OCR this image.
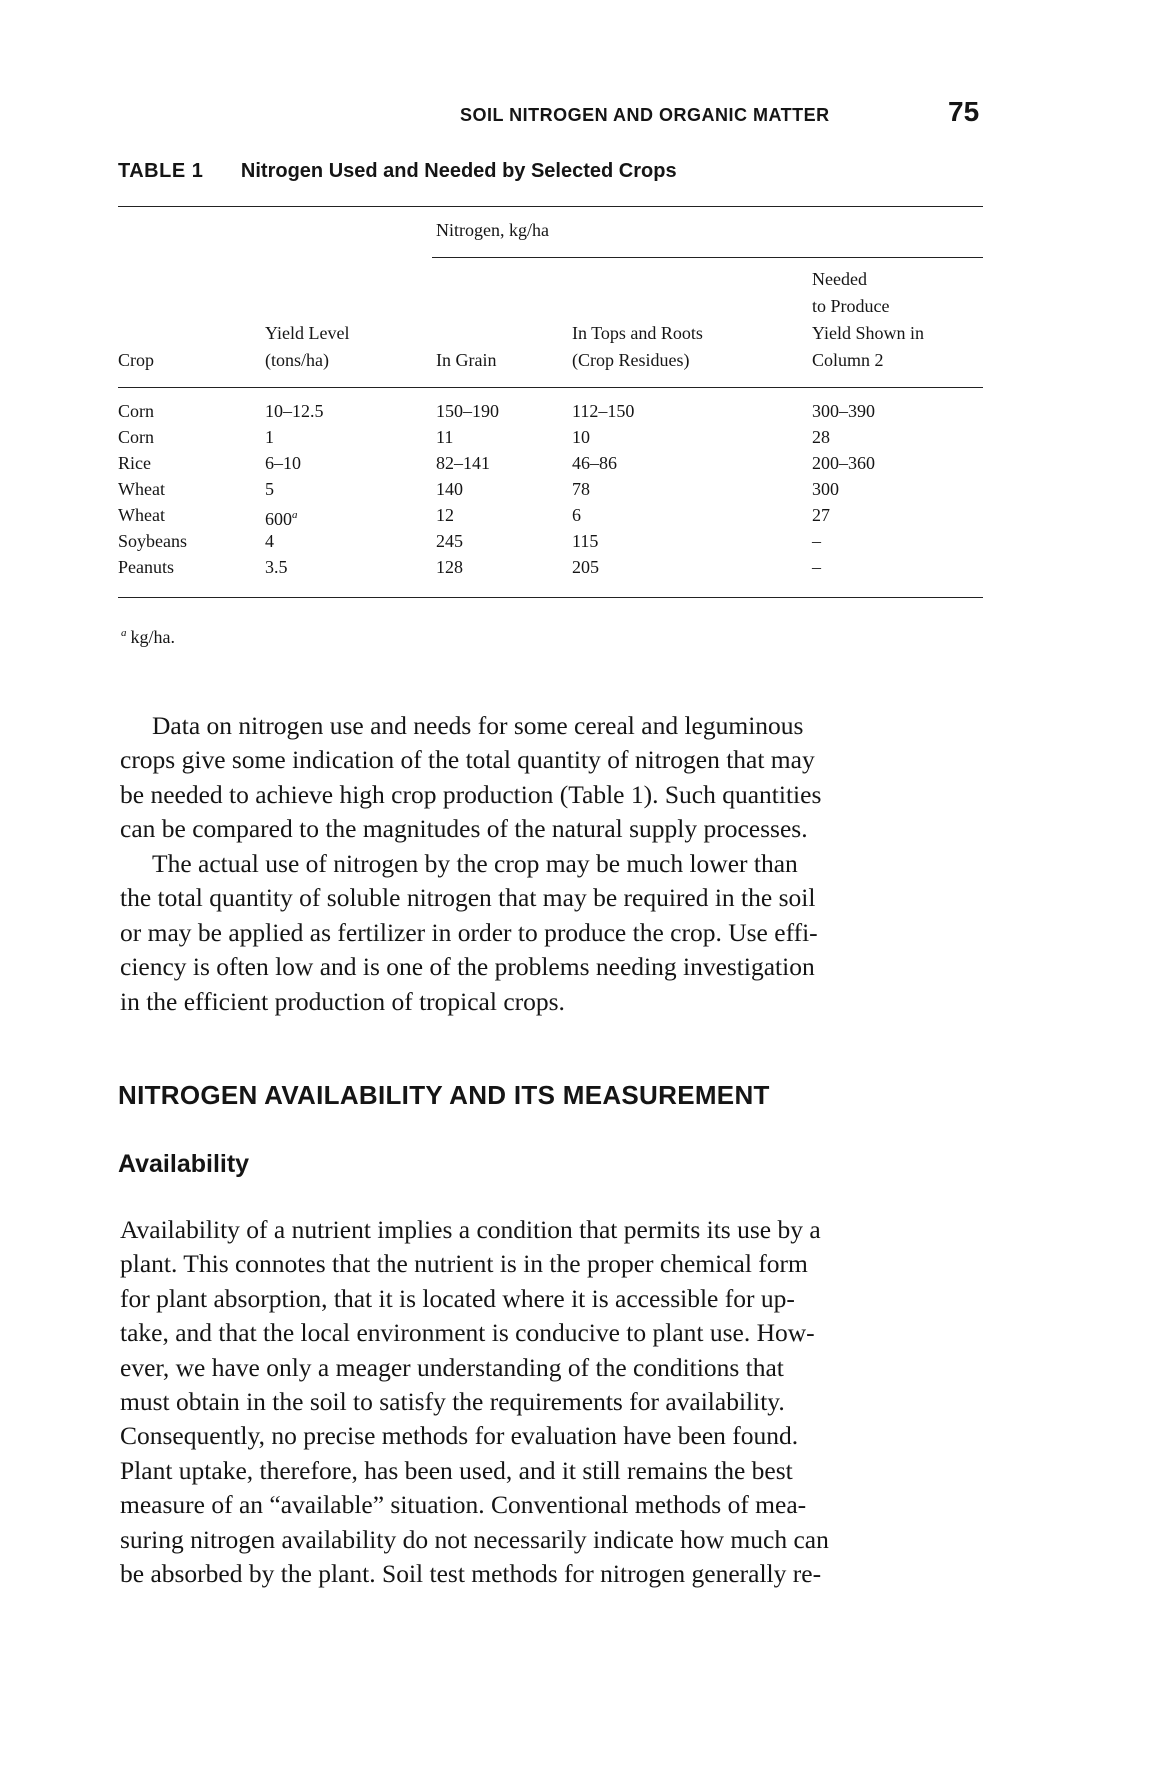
SOIL NITROGEN AND ORGANIC MATTER	75
TABLE 1 Nitrogen Used and Needed by Selected Crops
Nitrogen, kg/ha
Crop
Yield Level
(tons/ha)	In Grain
In Tops and Roots
(Crop Residues)
Needed
to Produce
Yield Shown in
Column 2
Corn
Corn
Rice
Wheat
Wheat
Soybeans
Peanuts
10–12.5
1
6–10
5
600$^a$
4
3.5
150–190
11
82–141
140
12
245
128
112–150
10
46–86
78
6
115
205
300–390
28
200–360
300
27
–
–
$^a$ kg/ha.
Data on nitrogen use and needs for some cereal and leguminous
crops give some indication of the total quantity of nitrogen that may
be needed to achieve high crop production (Table 1). Such quantities
can be compared to the magnitudes of the natural supply processes.
The actual use of nitrogen by the crop may be much lower than
the total quantity of soluble nitrogen that may be required in the soil
or may be applied as fertilizer in order to produce the crop. Use effi-
ciency is often low and is one of the problems needing investigation
in the efficient production of tropical crops.
NITROGEN AVAILABILITY AND ITS MEASUREMENT
Availability
Availability of a nutrient implies a condition that permits its use by a
plant. This connotes that the nutrient is in the proper chemical form
for plant absorption, that it is located where it is accessible for up-
take, and that the local environment is conducive to plant use. How-
ever, we have only a meager understanding of the conditions that
must obtain in the soil to satisfy the requirements for availability.
Consequently, no precise methods for evaluation have been found.
Plant uptake, therefore, has been used, and it still remains the best
measure of an “available” situation. Conventional methods of mea-
suring nitrogen availability do not necessarily indicate how much can
be absorbed by the plant. Soil test methods for nitrogen generally re-
